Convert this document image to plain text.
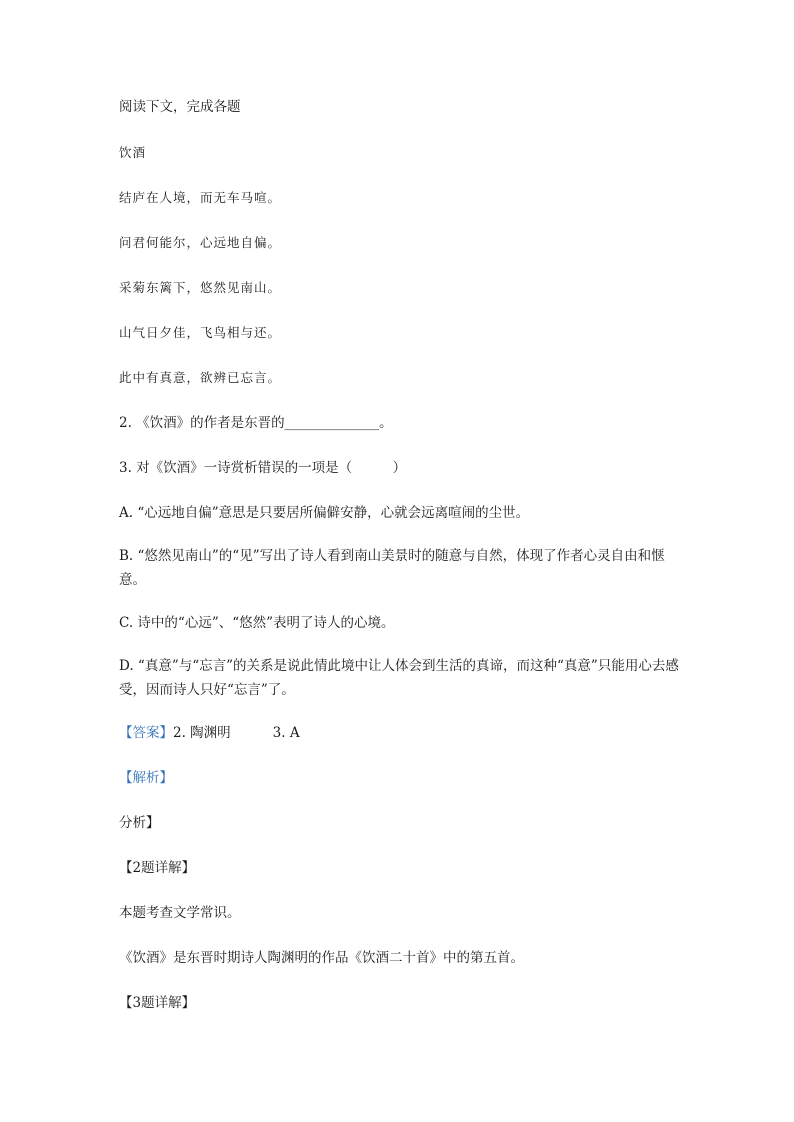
阅读下文，完成各题
饮酒
结庐在人境，而无车马喧。
问君何能尔，心远地自偏。
采菊东篱下，悠然见南山。
山气日夕佳，飞鸟相与还。
此中有真意，欲辨已忘言。
2. 《饮酒》的作者是东晋的______________。
3. 对《饮酒》一诗赏析错误的一项是（　　　）
A. “心远地自偏”意思是只要居所偏僻安静，心就会远离喧闹的尘世。
B. “悠然见南山”的“见”写出了诗人看到南山美景时的随意与自然，体现了作者心灵自由和惬意。
C. 诗中的“心远”、“悠然”表明了诗人的心境。
D. “真意”与“忘言”的关系是说此情此境中让人体会到生活的真谛，而这种“真意”只能用心去感受，因而诗人只好“忘言”了。
【答案】2. 陶渊明	3. A
【解析】
分析】
【2题详解】
本题考查文学常识。
《饮酒》是东晋时期诗人陶渊明的作品《饮酒二十首》中的第五首。
【3题详解】
